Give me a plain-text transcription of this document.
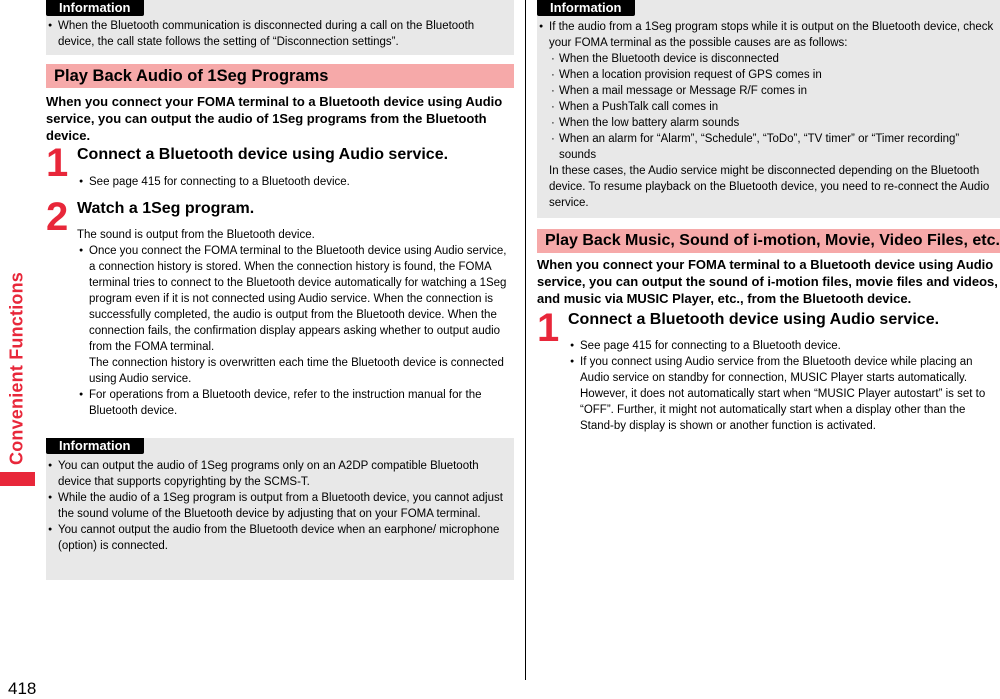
Convenient Functions
418
Information
● When the Bluetooth communication is disconnected during a call on the Bluetooth device, the call state follows the setting of “Disconnection settings”.
Play Back Audio of 1Seg Programs
When you connect your FOMA terminal to a Bluetooth device using Audio service, you can output the audio of 1Seg programs from the Bluetooth device.
1 Connect a Bluetooth device using Audio service.
● See page 415 for connecting to a Bluetooth device.
2 Watch a 1Seg program.
The sound is output from the Bluetooth device.
● Once you connect the FOMA terminal to the Bluetooth device using Audio service, a connection history is stored. When the connection history is found, the FOMA terminal tries to connect to the Bluetooth device automatically for watching a 1Seg program even if it is not connected using Audio service. When the connection is successfully completed, the audio is output from the Bluetooth device. When the connection fails, the confirmation display appears asking whether to output audio from the FOMA terminal.
The connection history is overwritten each time the Bluetooth device is connected using Audio service.
● For operations from a Bluetooth device, refer to the instruction manual for the Bluetooth device.
Information
● You can output the audio of 1Seg programs only on an A2DP compatible Bluetooth device that supports copyrighting by the SCMS-T.
● While the audio of a 1Seg program is output from a Bluetooth device, you cannot adjust the sound volume of the Bluetooth device by adjusting that on your FOMA terminal.
● You cannot output the audio from the Bluetooth device when an earphone/ microphone (option) is connected.
Information
● If the audio from a 1Seg program stops while it is output on the Bluetooth device, check your FOMA terminal as the possible causes are as follows:
· When the Bluetooth device is disconnected
· When a location provision request of GPS comes in
· When a mail message or Message R/F comes in
· When a PushTalk call comes in
· When the low battery alarm sounds
· When an alarm for “Alarm”, “Schedule”, “ToDo”, “TV timer” or “Timer recording” sounds
In these cases, the Audio service might be disconnected depending on the Bluetooth device. To resume playback on the Bluetooth device, you need to re-connect the Audio service.
Play Back Music, Sound of i-motion, Movie, Video Files, etc.
When you connect your FOMA terminal to a Bluetooth device using Audio service, you can output the sound of i-motion files, movie files and videos, and music via MUSIC Player, etc., from the Bluetooth device.
1 Connect a Bluetooth device using Audio service.
● See page 415 for connecting to a Bluetooth device.
● If you connect using Audio service from the Bluetooth device while placing an Audio service on standby for connection, MUSIC Player starts automatically. However, it does not automatically start when “MUSIC Player autostart” is set to “OFF”. Further, it might not automatically start when a display other than the Stand-by display is shown or another function is activated.
